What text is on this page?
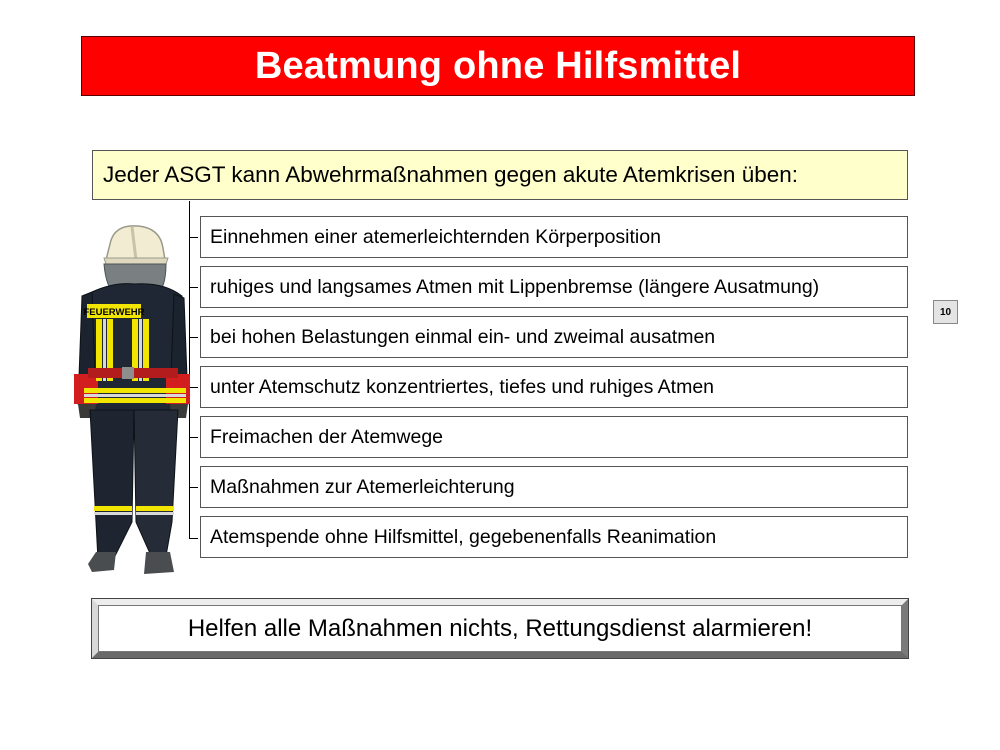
Beatmung ohne Hilfsmittel
Jeder ASGT kann Abwehrmaßnahmen gegen akute Atemkrisen üben:
Einnehmen einer atemerleichternden Körperposition
ruhiges und langsames Atmen mit Lippenbremse (längere Ausatmung)
bei hohen Belastungen einmal ein- und zweimal ausatmen
unter Atemschutz konzentriertes, tiefes und ruhiges Atmen
Freimachen der Atemwege
Maßnahmen zur Atemerleichterung
Atemspende ohne Hilfsmittel, gegebenenfalls Reanimation
10
Helfen alle Maßnahmen nichts, Rettungsdienst alarmieren!
FEUERWEHR
